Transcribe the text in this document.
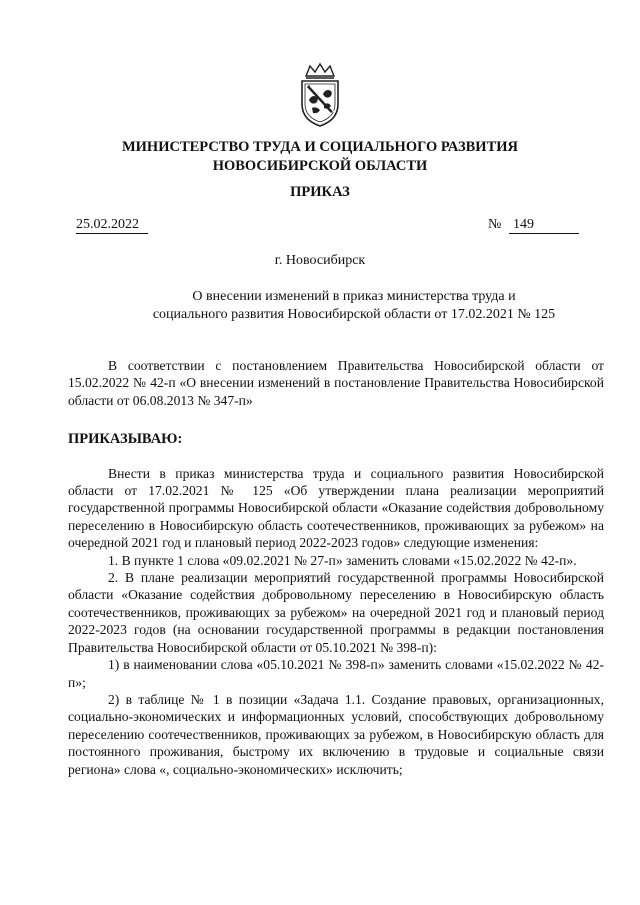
МИНИСТЕРСТВО ТРУДА И СОЦИАЛЬНОГО РАЗВИТИЯ
НОВОСИБИРСКОЙ ОБЛАСТИ
ПРИКАЗ
25.02.2022	№ 149
г. Новосибирск
О внесении изменений в приказ министерства труда и
социального развития Новосибирской области от 17.02.2021 № 125

В соответствии с постановлением Правительства Новосибирской области от 15.02.2022 № 42-п «О внесении изменений в постановление Правительства Новосибирской области от 06.08.2013 № 347-п»

ПРИКАЗЫВАЮ:

Внести в приказ министерства труда и социального развития Новосибирской области от 17.02.2021 № 125 «Об утверждении плана реализации мероприятий государственной программы Новосибирской области «Оказание содействия добровольному переселению в Новосибирскую область соотечественников, проживающих за рубежом» на очередной 2021 год и плановый период 2022-2023 годов» следующие изменения:

1. В пункте 1 слова «09.02.2021 № 27-п» заменить словами «15.02.2022 № 42-п».

2. В плане реализации мероприятий государственной программы Новосибирской области «Оказание содействия добровольному переселению в Новосибирскую область соотечественников, проживающих за рубежом» на очередной 2021 год и плановый период 2022-2023 годов (на основании государственной программы в редакции постановления Правительства Новосибирской области от 05.10.2021 № 398-п):

1) в наименовании слова «05.10.2021 № 398-п» заменить словами «15.02.2022 № 42-п»;

2) в таблице № 1 в позиции «Задача 1.1. Создание правовых, организационных, социально-экономических и информационных условий, способствующих добровольному переселению соотечественников, проживающих за рубежом, в Новосибирскую область для постоянного проживания, быстрому их включению в трудовые и социальные связи региона» слова «, социально-экономических» исключить;
